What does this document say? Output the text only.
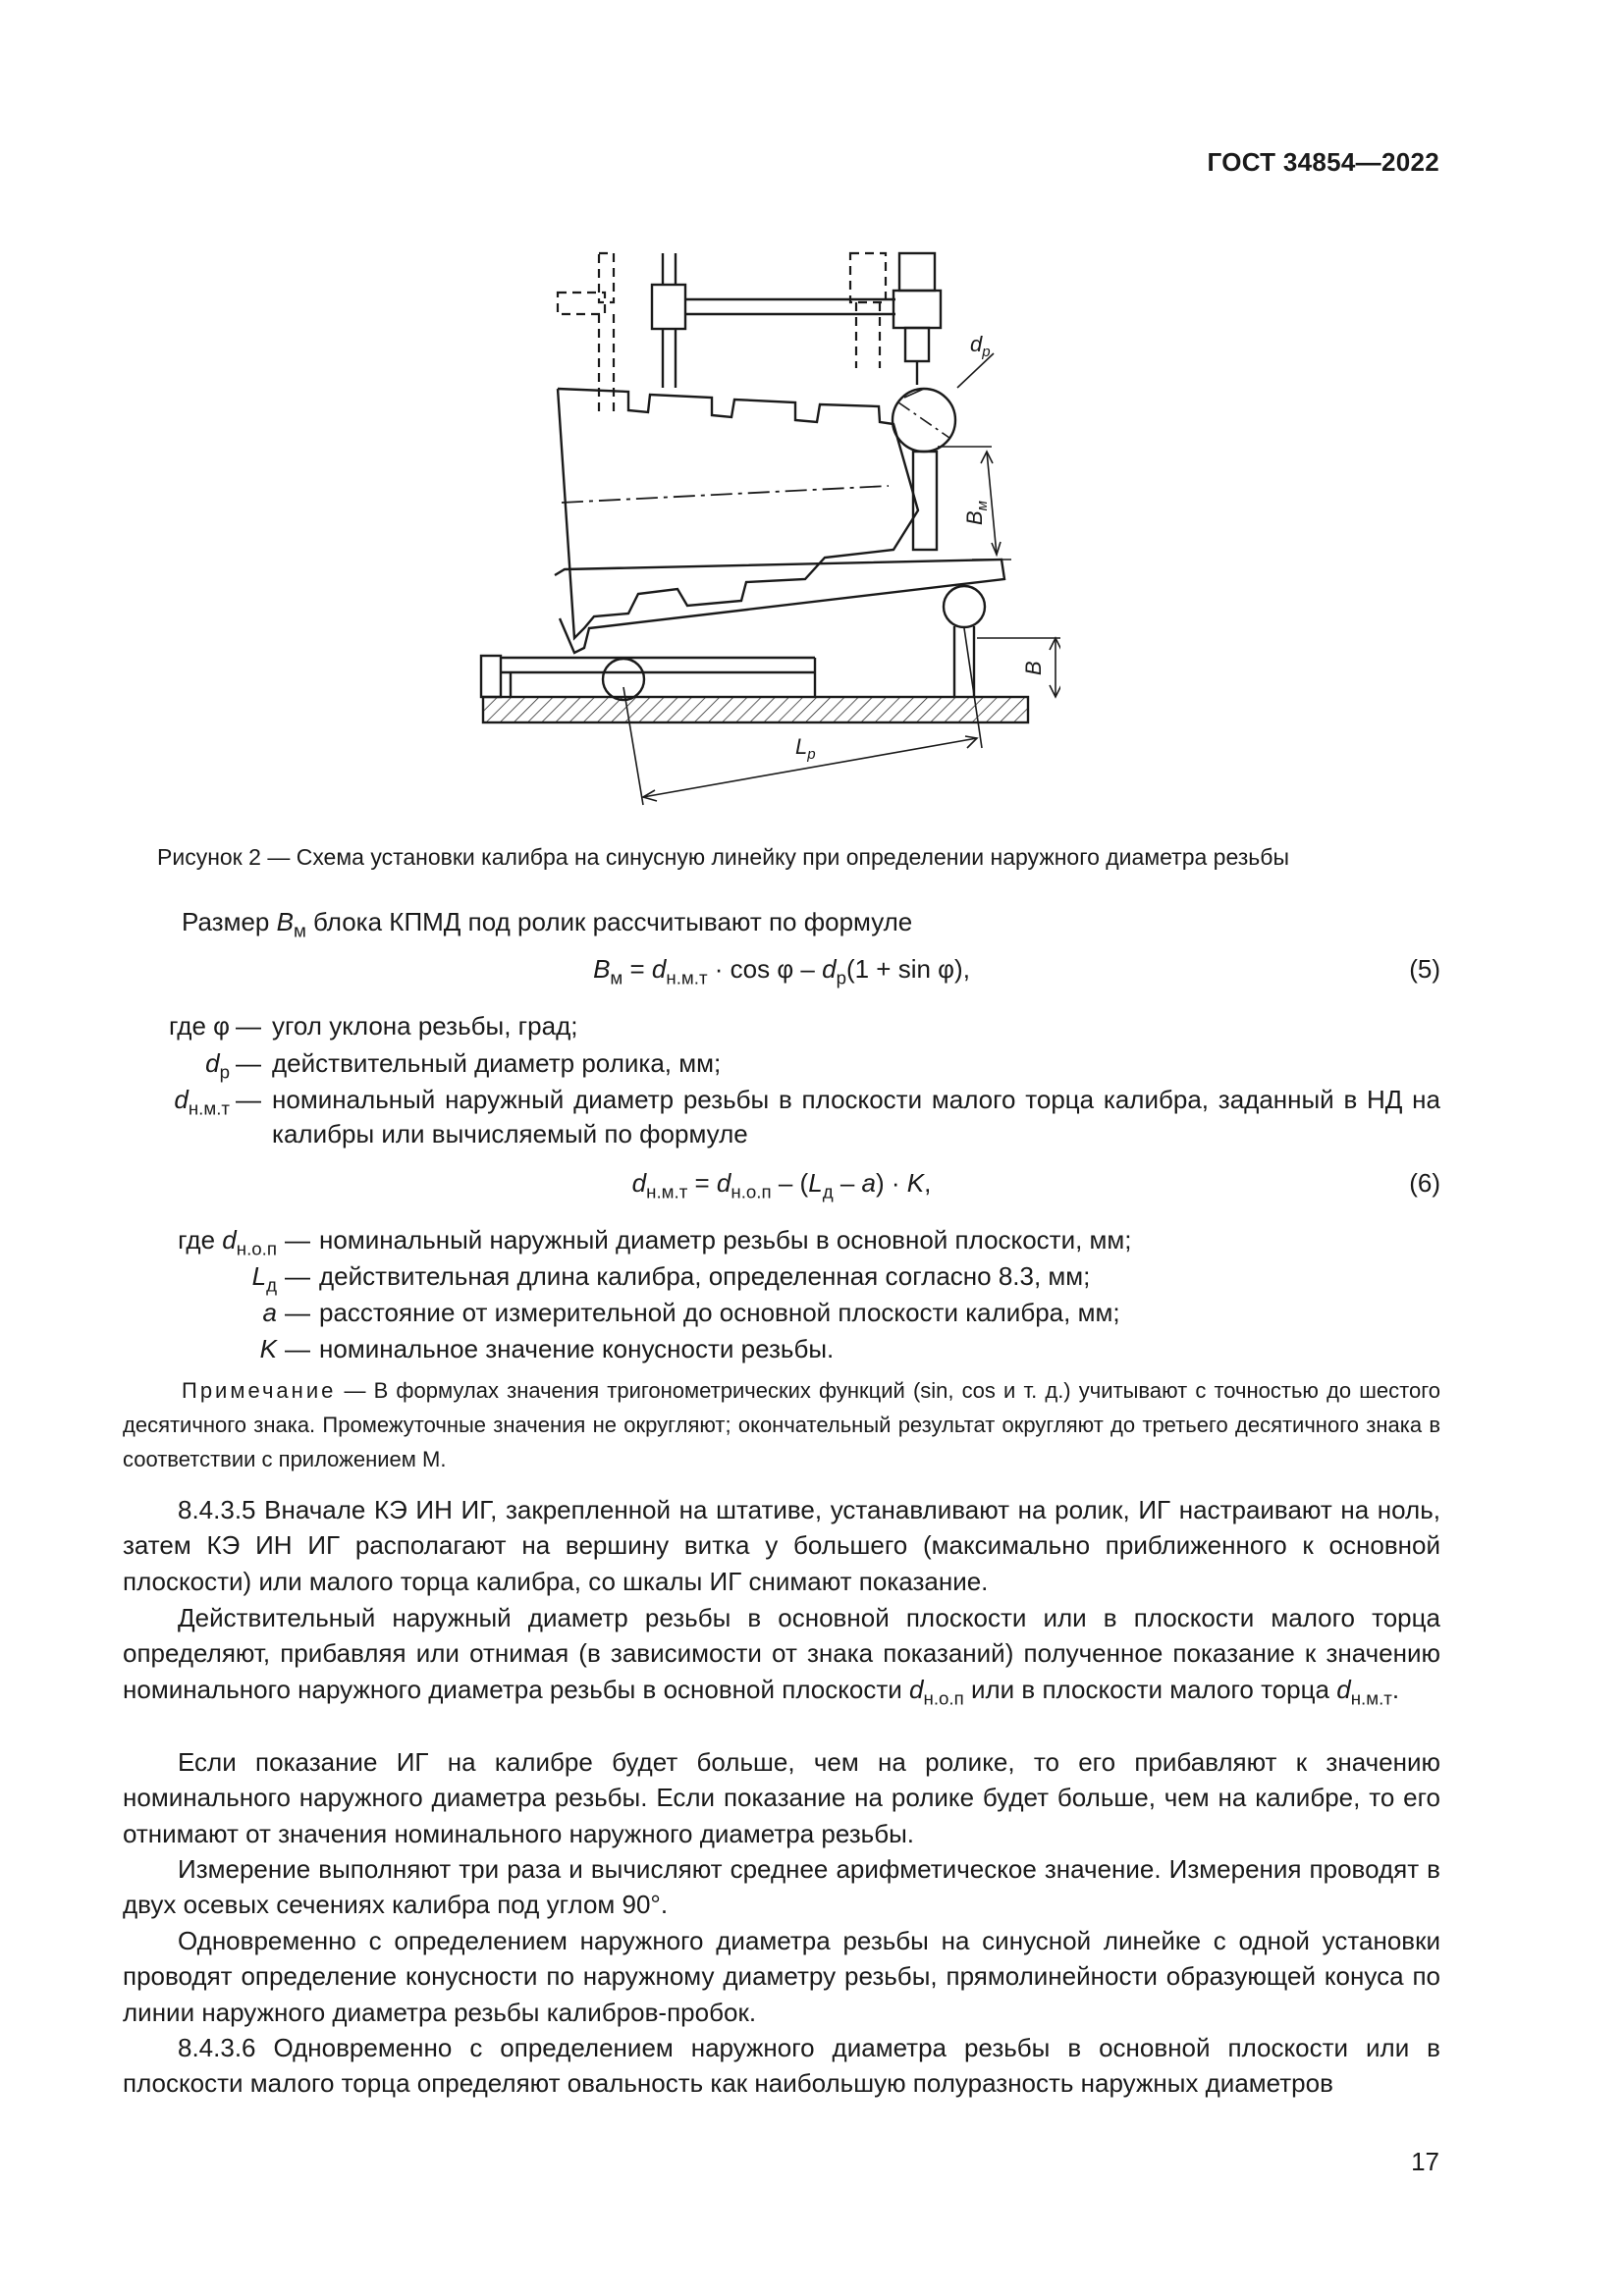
ГОСТ 34854—2022
$d_р$
$B_м$
B
$L_р$
Рисунок 2 — Схема установки калибра на синусную линейку при определении наружного диаметра резьбы
Размер $B_м$ блока КПМД под ролик рассчитывают по формуле
$B_м = d_{н.м.т} \cdot \cos \varphi - d_р(1 + \sin \varphi)$,	(5)
где φ — угол уклона резьбы, град;
$d_р$ — действительный диаметр ролика, мм;
$d_{н.м.т}$ — номинальный наружный диаметр резьбы в плоскости малого торца калибра, заданный в НД на калибры или вычисляемый по формуле
$d_{н.м.т} = d_{н.о.п} - (L_д - a) \cdot K$,	(6)
где $d_{н.о.п}$ — номинальный наружный диаметр резьбы в основной плоскости, мм;
$L_д$ — действительная длина калибра, определенная согласно 8.3, мм;
a — расстояние от измерительной до основной плоскости калибра, мм;
K — номинальное значение конусности резьбы.
Примечание — В формулах значения тригонометрических функций (sin, cos и т. д.) учитывают с точностью до шестого десятичного знака. Промежуточные значения не округляют; окончательный результат округляют до третьего десятичного знака в соответствии с приложением М.
8.4.3.5 Вначале КЭ ИН ИГ, закрепленной на штативе, устанавливают на ролик, ИГ настраивают на ноль, затем КЭ ИН ИГ располагают на вершину витка у большего (максимально приближенного к основной плоскости) или малого торца калибра, со шкалы ИГ снимают показание.
Действительный наружный диаметр резьбы в основной плоскости или в плоскости малого торца определяют, прибавляя или отнимая (в зависимости от знака показаний) полученное показание к значению номинального наружного диаметра резьбы в основной плоскости $d_{н.о.п}$ или в плоскости малого торца $d_{н.м.т}$.
Если показание ИГ на калибре будет больше, чем на ролике, то его прибавляют к значению номинального наружного диаметра резьбы. Если показание на ролике будет больше, чем на калибре, то его отнимают от значения номинального наружного диаметра резьбы.
Измерение выполняют три раза и вычисляют среднее арифметическое значение. Измерения проводят в двух осевых сечениях калибра под углом 90°.
Одновременно с определением наружного диаметра резьбы на синусной линейке с одной установки проводят определение конусности по наружному диаметру резьбы, прямолинейности образующей конуса по линии наружного диаметра резьбы калибров-пробок.
8.4.3.6 Одновременно с определением наружного диаметра резьбы в основной плоскости или в плоскости малого торца определяют овальность как наибольшую полуразность наружных диаметров
17
